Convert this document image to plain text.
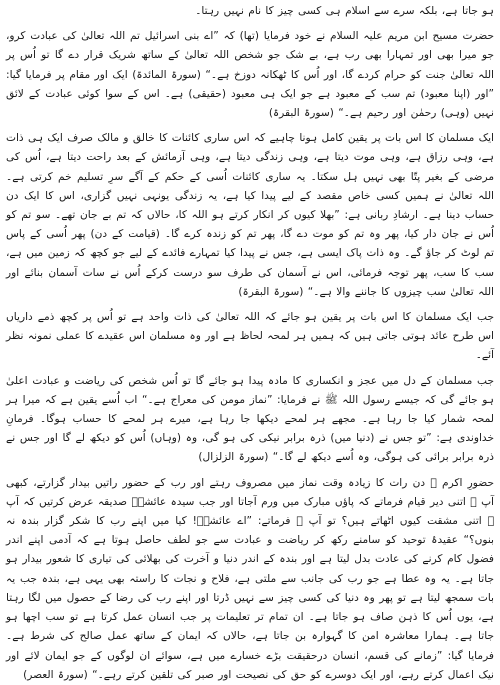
ہو جاتا ہے، بلکہ سرے سے اسلام ہی کسی چیز کا نام نہیں رہتا۔

حضرت مسیح ابن مریم علیہ السلام نے خود فرمایا (تھا) کہ ”اے بنی اسرائیل تم اللہ تعالیٰ کی عبادت کرو، جو میرا بھی اور تمہارا بھی رب ہے، بے شک جو شخص اللہ تعالیٰ کے ساتھ شریک قرار دے گا تو اُس پر اللہ تعالیٰ جنت کو حرام کردے گا، اور اُس کا ٹھکانہ دوزخ ہے۔“ (سورۃ المائدۃ) ایک اور مقام پر فرمایا گیا: ”اور (اپنا معبود) تم سب کے معبود ہے جو ایک ہی معبود (حقیقی) ہے۔ اس کے سوا کوئی عبادت کے لائق نہیں (وہی) رحمٰن اور رحیم ہے۔“ (سورۃ البقرۃ)

ایک مسلمان کا اس بات پر یقین کامل ہونا چاہیے کہ اس ساری کائنات کا خالق و مالک صرف ایک ہی ذات ہے، وہی رزاق ہے، وہی موت دیتا ہے، وہی زندگی دیتا ہے، وہی آزمائش کے بعد راحت دیتا ہے، اُس کی مرضی کے بغیر پتّا بھی نہیں ہل سکتا۔ یہ ساری کائنات اُسی کے حکم کے آگے سرِ تسلیم خم کرتی ہے۔ اللہ تعالیٰ نے ہمیں کسی خاص مقصد کے لیے پیدا کیا ہے، یہ زندگی یونہی نہیں گزاری، اس کا ایک دن حساب دینا ہے۔ ارشادِ ربانی ہے: ”بھلا کیوں کر انکار کرتے ہو اللہ کا، حالاں کہ تم بے جان تھے۔ سو تم کو اُس نے جان دار کیا، پھر وہ تم کو موت دے گا، پھر تم کو زندہ کرے گا۔ (قیامت کے دن) پھر اُسی کے پاس تم لوٹ کر جاؤ گے۔ وہ ذات پاک ایسی ہے، جس نے پیدا کیا تمہارے فائدے کے لیے جو کچھ کہ زمین میں ہے، سب کا سب، پھر توجہ فرمائی، اس نے آسمان کی طرف سو درست کرکے اُس نے سات آسمان بنائے اور اللہ تعالیٰ سب چیزوں کا جاننے والا ہے۔“ (سورۃ البقرۃ)

جب ایک مسلمان کا اس بات پر یقین ہو جائے کہ اللہ تعالیٰ کی ذات واحد ہے تو اُس پر کچھ ذمے داریاں اس طرح عائد ہوتی جاتی ہیں کہ ہمیں ہر لمحہ لحاظ ہے اور وہ مسلمان اس عقیدے کا عملی نمونہ نظر آئے۔

جب مسلمان کے دل میں عجز و انکساری کا مادہ پیدا ہو جائے گا تو اُس شخص کی ریاضت و عبادت اعلیٰ ہو جائے گی کہ جیسے رسول اللہ ﷺ نے فرمایا: ”نماز مومن کی معراج ہے۔“ اب اُسے یقین ہے کہ میرا ہر لمحہ شمار کیا جا رہا ہے۔ مجھے ہر لمحے دیکھا جا رہا ہے، میرے ہر لمحے کا حساب ہوگا۔ فرمانِ خداوندی ہے: ”تو جس نے (دنیا میں) ذرہ برابر نیکی کی ہو گی، وہ (وہاں) اُس کو دیکھ لے گا اور جس نے ذرہ برابر برائی کی ہوگی، وہ اُسے دیکھ لے گا۔“ (سورۃ الزلزال)

حضورِ اکرم ﷺ دن رات کا زیادہ وقت نماز میں مصروف رہتے اور رب کے حضور راتیں بیدار گزارتے، کبھی آپ ﷺ اتنی دیر قیام فرماتے کہ پاؤں مبارک میں ورم آجاتا اور جب سیدہ عائشہؓ صدیقہ عرض کرتیں کہ آپ ﷺ اتنی مشقت کیوں اٹھاتے ہیں؟ تو آپ ﷺ فرماتے: ”اے عائشہؓ! کیا میں اپنے رب کا شکر گزار بندہ نہ بنوں؟“ عقیدۂ توحید کو سامنے رکھ کر ریاضت و عبادت سے جو لطف حاصل ہوتا ہے کہ آدمی اپنے اندر فضول کام کرنے کی عادت بدل لیتا ہے اور بندہ کے اندر دنیا و آخرت کی بھلائی کی تیاری کا شعور بیدار ہو جاتا ہے۔ یہ وہ عطا ہے جو رب کی جانب سے ملتی ہے، فلاح و نجات کا راستہ بھی یہی ہے، بندہ جب یہ بات سمجھ لیتا ہے تو پھر وہ دنیا کی کسی چیز سے نہیں ڈرتا اور اپنے رب کی رضا کے حصول میں لگا رہتا ہے، یوں اُس کا ذہن صاف ہو جاتا ہے۔ ان تمام تر تعلیمات پر جب انسان عمل کرتا ہے تو سب اچھا ہو جاتا ہے۔ ہمارا معاشرہ امن کا گہوارہ بن جاتا ہے، حالاں کہ ایمان کے ساتھ عمل صالح کی شرط ہے۔ فرمایا گیا: ”زمانے کی قسم، انسان درحقیقت بڑے خسارے میں ہے، سوائے ان لوگوں کے جو ایمان لائے اور نیک اعمال کرتے رہے، اور ایک دوسرے کو حق کی نصیحت اور صبر کی تلقین کرتے رہے۔“ (سورۃ العصر)
